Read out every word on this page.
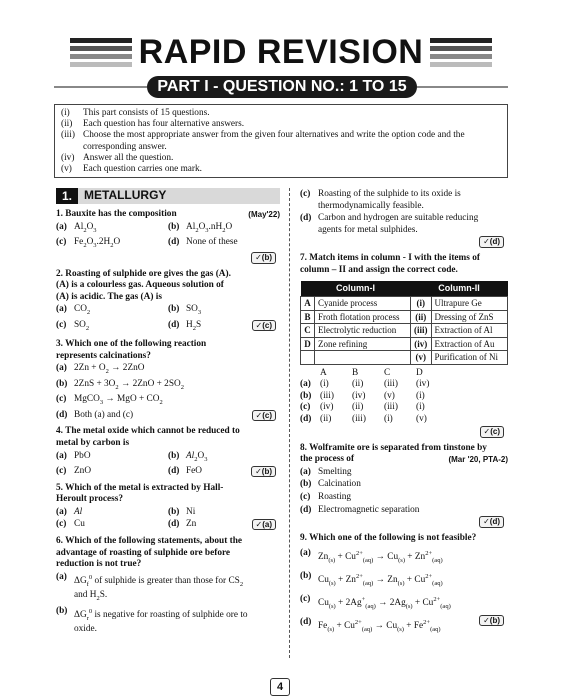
RAPID REVISION
PART I - QUESTION NO.: 1 TO 15
(i)	This part consists of 15 questions.
(ii)	Each question has four alternative answers.
(iii) Choose the most appropriate answer from the given four alternatives and write the option code and the
corresponding answer.
(iv) Answer all the question.
(v)	Each question carries one mark.
1.	METALLURGY
1. Bauxite has the composition	(May'22)
(a) $Al_2O_3$	(b) $Al_2O_3.nH_2O$
(c) $Fe_2O_3.2H_2O$	(d) None of these
✓(b)
2. Roasting of sulphide ore gives the gas (A).
(A) is a colourless gas. Aqueous solution of
(A) is acidic. The gas (A) is
(a) $CO_2$	(b) $SO_3$
(c) $SO_2$	(d) $H_2S$	✓(c)
3. Which one of the following reaction
represents calcinations?
(a) $2Zn + O_2 \to 2ZnO$
(b) $2ZnS + 3O_2 \to 2ZnO + 2SO_2$
(c) MgCO$_3$ → MgO + $CO_2$
(d) Both (a) and (c)	✓(c)
4. The metal oxide which cannot be reduced to
metal by carbon is
(a) PbO	(b) $Al_2O_3$
(c) ZnO	(d) FeO	✓(b)
5. Which of the metal is extracted by Hall-
Heroult process?
(a) Al	(b) Ni
(c) Cu	(d) Zn	✓(a)
6. Which of the following statements, about the
advantage of roasting of sulphide ore before
reduction is not true?
(a) $\Delta G_f^0$ of sulphide is greater than those for $CS_2$
and $H_2S$.
(b) $\Delta G_r^0$ is negative for roasting of sulphide ore to
oxide.
(c) Roasting of the sulphide to its oxide is
thermodynamically feasible.
(d) Carbon and hydrogen are suitable reducing
agents for metal sulphides.
✓(d)
7. Match items in column - I with the items of
column – II and assign the correct code.
Column-I		Column-II	
A	Cyanide process	(i)	Ultrapure Ge
B	Froth flotation process	(ii)	Dressing of ZnS
C	Electrolytic reduction	(iii)	Extraction of Al
D	Zone refining	(iv)	Extraction of Au
		(v)	Purification of Ni
	A	B	C	D
(a)	(i)	(ii)	(iii)	(iv)
(b)	(iii)	(iv)	(v)	(i)
(c)	(iv)	(ii)	(iii)	(i)
(d)	(ii)	(iii)	(i)	(v)
✓(c)
8. Wolframite ore is separated from tinstone by
the process of	(Mar '20, PTA-2)
(a) Smelting
(b) Calcination
(c) Roasting
(d) Electromagnetic separation
✓(d)
9. Which one of the following is not feasible?
(a) $Zn_{(s)} + Cu^{2+}_{(aq)} \to Cu_{(s)} + Zn^{2+}_{(aq)}$
(b) $Cu_{(s)} + Zn^{2+}_{(aq)} \to Zn_{(s)} + Cu^{2+}_{(aq)}$
(c) $Cu_{(s)} + 2Ag^+_{(aq)} \to 2Ag_{(s)} + Cu^{2+}_{(aq)}$
(d) $Fe_{(s)} + Cu^{2+}_{(aq)} \to Cu_{(s)} + Fe^{2+}_{(aq)}$
✓(b)
4
